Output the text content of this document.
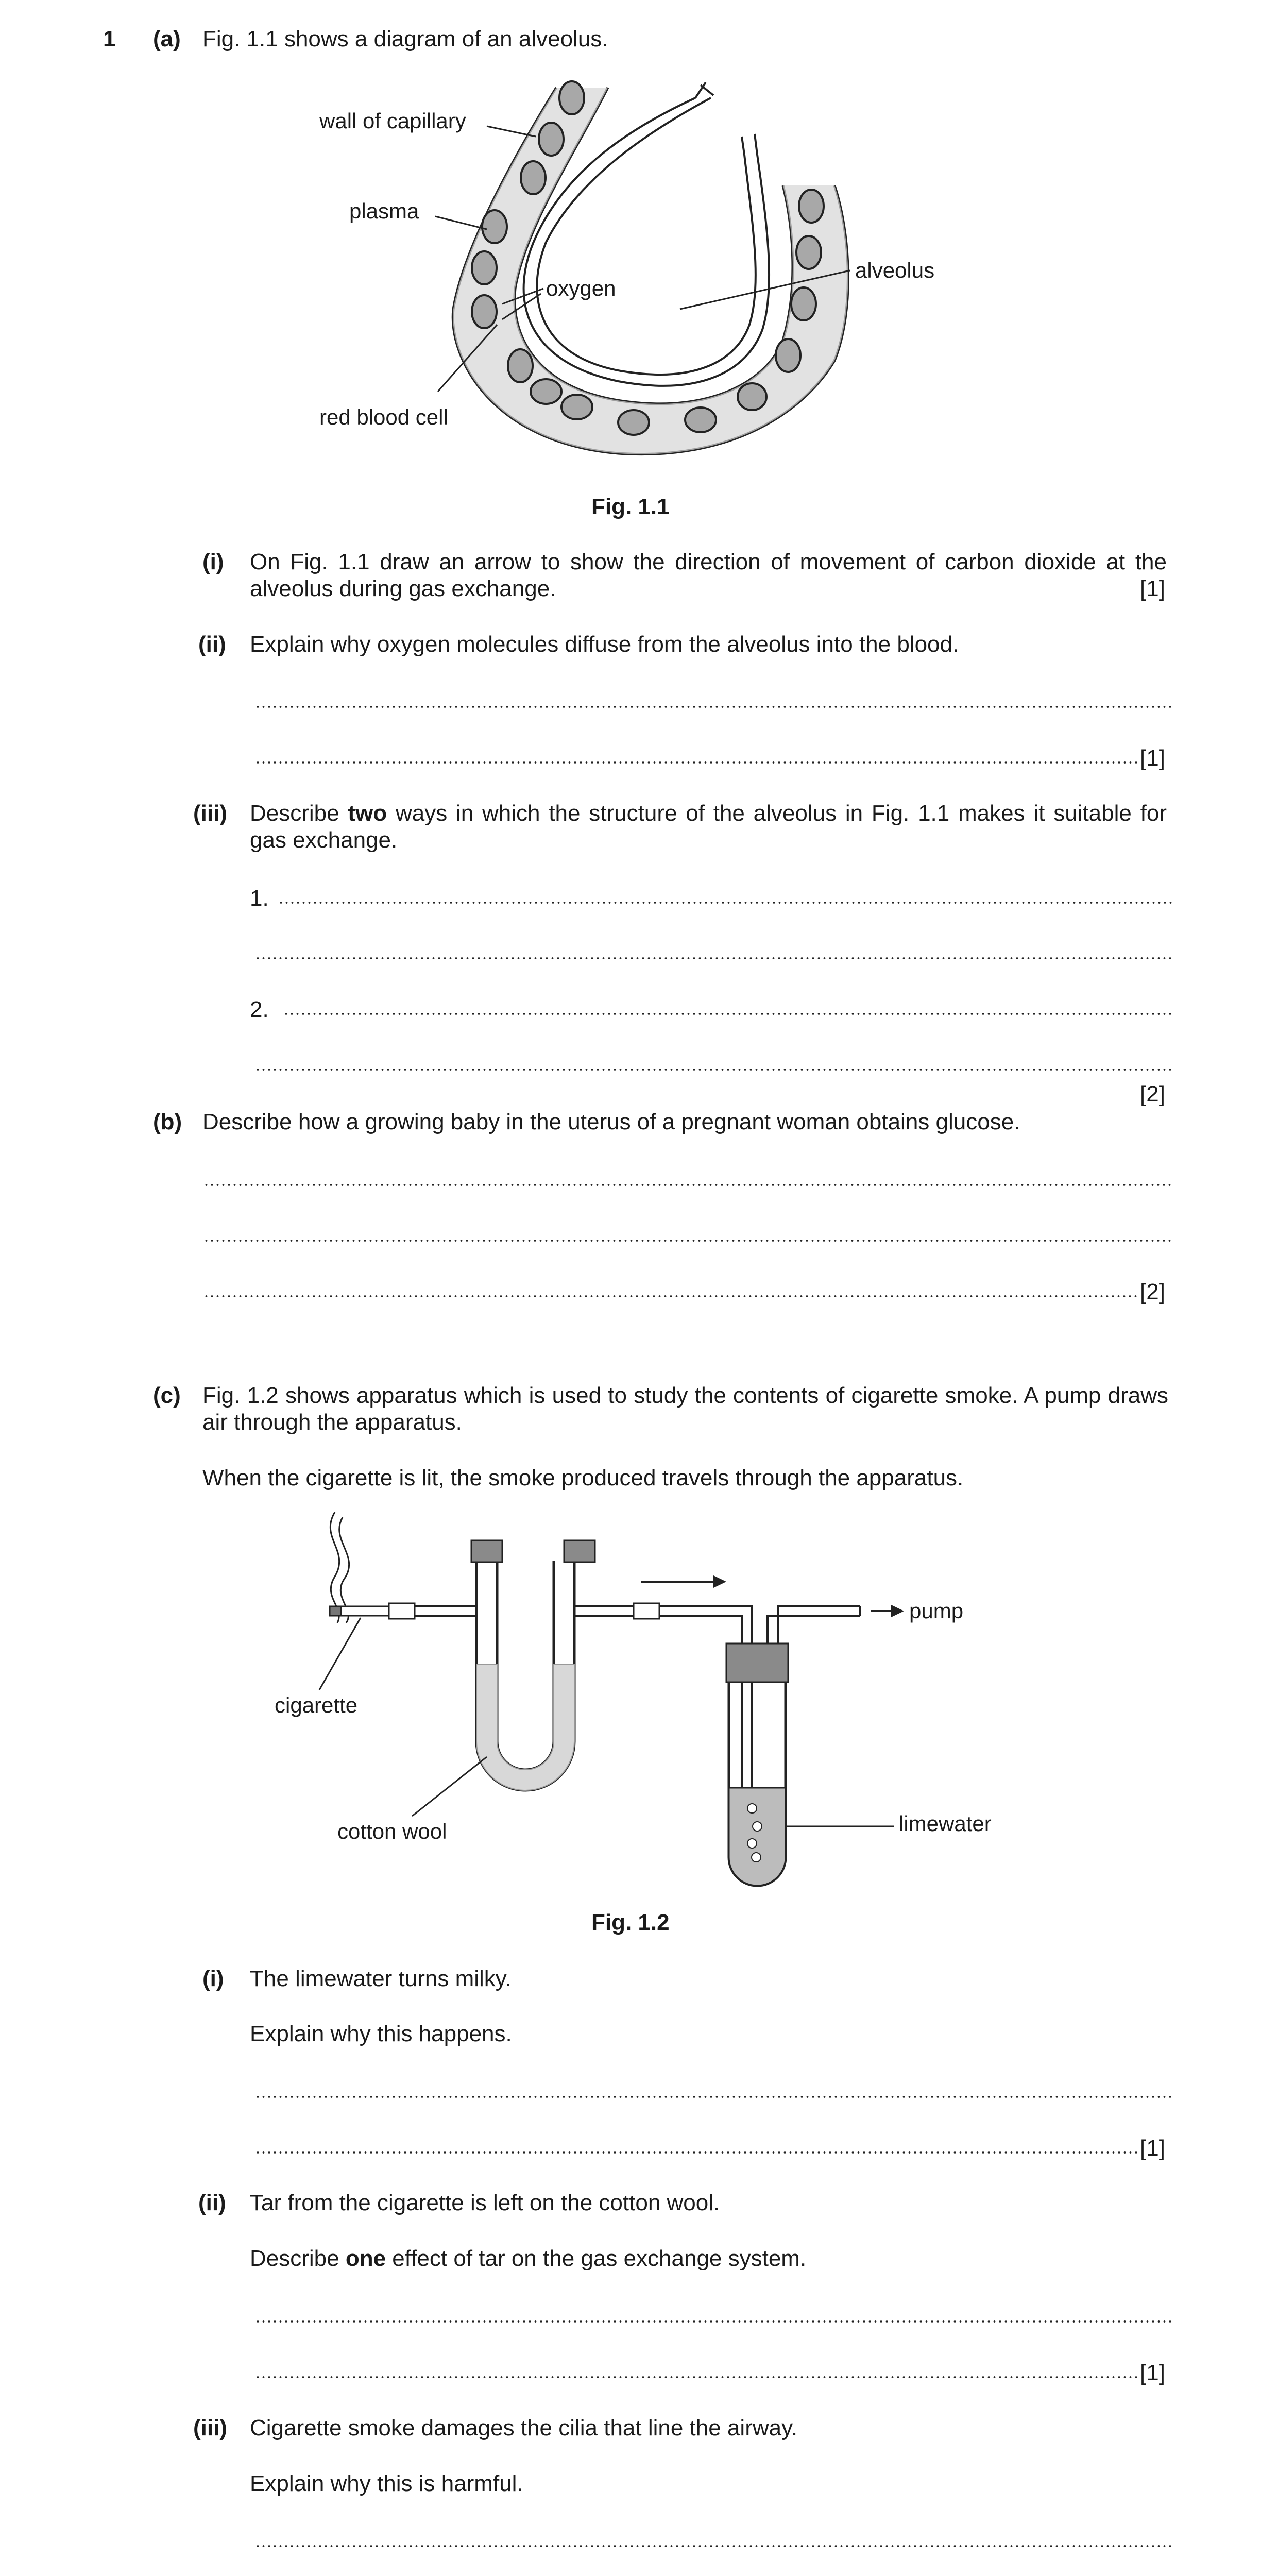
1 (a) Fig. 1.1 shows a diagram of an alveolus.
wall of capillary
plasma
oxygen
alveolus
red blood cell
Fig. 1.1
(i) On Fig. 1.1 draw an arrow to show the direction of movement of carbon dioxide at the alveolus during gas exchange.	[1]
(ii) Explain why oxygen molecules diffuse from the alveolus into the blood.
[1]
(iii) Describe two ways in which the structure of the alveolus in Fig. 1.1 makes it suitable for gas exchange.
1.
2.
[2]
(b) Describe how a growing baby in the uterus of a pregnant woman obtains glucose.
[2]
(c) Fig. 1.2 shows apparatus which is used to study the contents of cigarette smoke. A pump draws air through the apparatus.
When the cigarette is lit, the smoke produced travels through the apparatus.
pump
cigarette
cotton wool	limewater
Fig. 1.2
(i) The limewater turns milky.
Explain why this happens.
[1]
(ii) Tar from the cigarette is left on the cotton wool.
Describe one effect of tar on the gas exchange system.
[1]
(iii) Cigarette smoke damages the cilia that line the airway.
Explain why this is harmful.
